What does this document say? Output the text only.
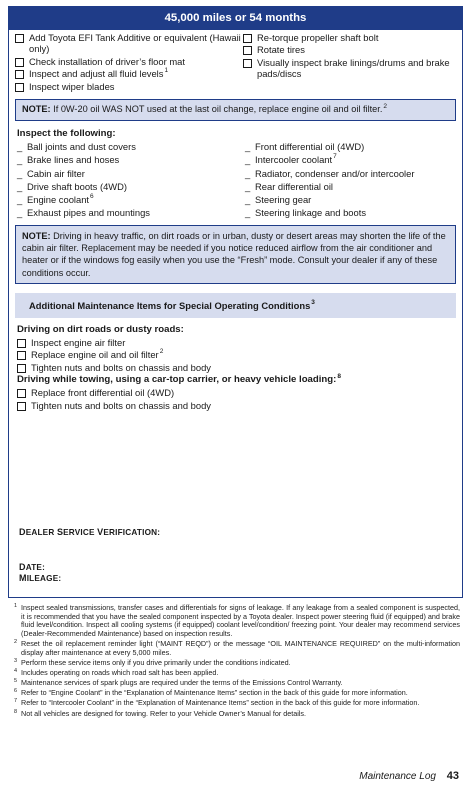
45,000 miles or 54 months
Add Toyota EFI Tank Additive or equivalent (Hawaii only)
Check installation of driver’s floor mat
Inspect and adjust all fluid levels$^1$
Inspect wiper blades
Re-torque propeller shaft bolt
Rotate tires
Visually inspect brake linings/drums and brake pads/discs
NOTE: If 0W-20 oil WAS NOT used at the last oil change, replace engine oil and oil filter.$^2$
Inspect the following:
_ Ball joints and dust covers
_ Brake lines and hoses
_ Cabin air filter
_ Drive shaft boots (4WD)
_ Engine coolant$^6$
_ Exhaust pipes and mountings
_ Front differential oil (4WD)
_ Intercooler coolant$^7$
_ Radiator, condenser and/or intercooler
_ Rear differential oil
_ Steering gear
_ Steering linkage and boots
NOTE: Driving in heavy traffic, on dirt roads or in urban, dusty or desert areas may shorten the life of the cabin air filter. Replacement may be needed if you notice reduced airflow from the air conditioner and heater or if the windows fog easily when you use the “Fresh” mode. Consult your dealer if any of these conditions occur.
Additional Maintenance Items for Special Operating Conditions$^3$
Driving on dirt roads or dusty roads:
Inspect engine air filter
Replace engine oil and oil filter$^2$
Tighten nuts and bolts on chassis and body
Driving while towing, using a car-top carrier, or heavy vehicle loading:$^8$
Replace front differential oil (4WD)
Tighten nuts and bolts on chassis and body
DEALER SERVICE VERIFICATION:
DATE:
MILEAGE:
1 Inspect sealed transmissions, transfer cases and differentials for signs of leakage. If any leakage from a sealed component is suspected, it is recommended that you have the sealed component inspected by a Toyota dealer. Inspect power steering fluid (if equipped) and brake fluid level/condition. Inspect all cooling systems (if equipped) coolant level/condition/ freezing point. Your dealer may recommend services (Dealer-Recommended Maintenance) based on inspection results.
2 Reset the oil replacement reminder light (“MAINT REQD”) or the message “OIL MAINTENANCE REQUIRED” on the multi-information display after maintenance at every 5,000 miles.
3 Perform these service items only if you drive primarily under the conditions indicated.
4 Includes operating on roads which road salt has been applied.
5 Maintenance services of spark plugs are required under the terms of the Emissions Control Warranty.
6 Refer to “Engine Coolant” in the “Explanation of Maintenance Items” section in the back of this guide for more information.
7 Refer to “Intercooler Coolant” in the “Explanation of Maintenance Items” section in the back of this guide for more information.
8 Not all vehicles are designed for towing. Refer to your Vehicle Owner’s Manual for details.
Maintenance Log 43
